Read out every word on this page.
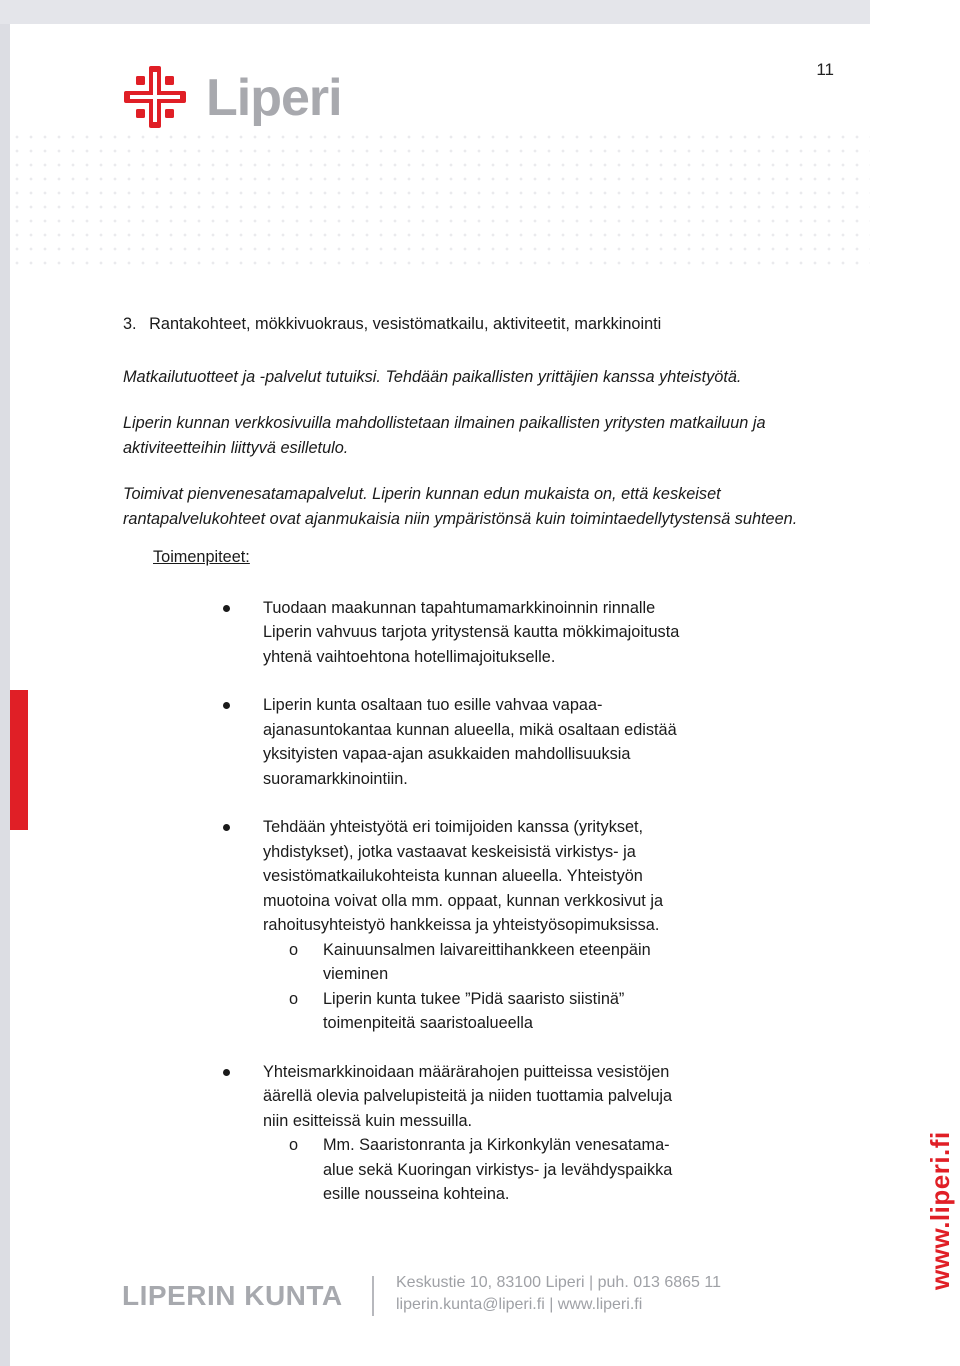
11
Liperi
3. Rantakohteet, mökkivuokraus, vesistömatkailu, aktiviteetit, markkinointi

Matkailutuotteet ja -palvelut tutuiksi. Tehdään paikallisten yrittäjien kanssa yhteistyötä.

Liperin kunnan verkkosivuilla mahdollistetaan ilmainen paikallisten yritysten matkailuun ja aktiviteetteihin liittyvä esilletulo.

Toimivat pienvenesatamapalvelut. Liperin kunnan edun mukaista on, että keskeiset rantapalvelukohteet ovat ajanmukaisia niin ympäristönsä kuin toimintaedellytystensä suhteen.

Toimenpiteet:

Tuodaan maakunnan tapahtumamarkkinoinnin rinnalle Liperin vahvuus tarjota yritystensä kautta mökkimajoitusta yhtenä vaihtoehtona hotellimajoitukselle.
Liperin kunta osaltaan tuo esille vahvaa vapaa-ajanasuntokantaa kunnan alueella, mikä osaltaan edistää yksityisten vapaa-ajan asukkaiden mahdollisuuksia suoramarkkinointiin.
Tehdään yhteistyötä eri toimijoiden kanssa (yritykset, yhdistykset), jotka vastaavat keskeisistä virkistys- ja vesistömatkailukohteista kunnan alueella. Yhteistyön muotoina voivat olla mm. oppaat, kunnan verkkosivut ja rahoitusyhteistyö hankkeissa ja yhteistyösopimuksissa.
o Kainuunsalmen laivareittihankkeen eteenpäin vieminen
o Liperin kunta tukee ”Pidä saaristo siistinä” toimenpiteitä saaristoalueella
Yhteismarkkinoidaan määrärahojen puitteissa vesistöjen äärellä olevia palvelupisteitä ja niiden tuottamia palveluja niin esitteissä kuin messuilla.
o Mm. Saaristonranta ja Kirkonkylän venesatama-alue sekä Kuoringan virkistys- ja levähdyspaikka esille nousseina kohteina.
LIPERIN KUNTA	Keskustie 10, 83100 Liperi | puh. 013 6865 11
liperin.kunta@liperi.fi | www.liperi.fi
www.liperi.fi
